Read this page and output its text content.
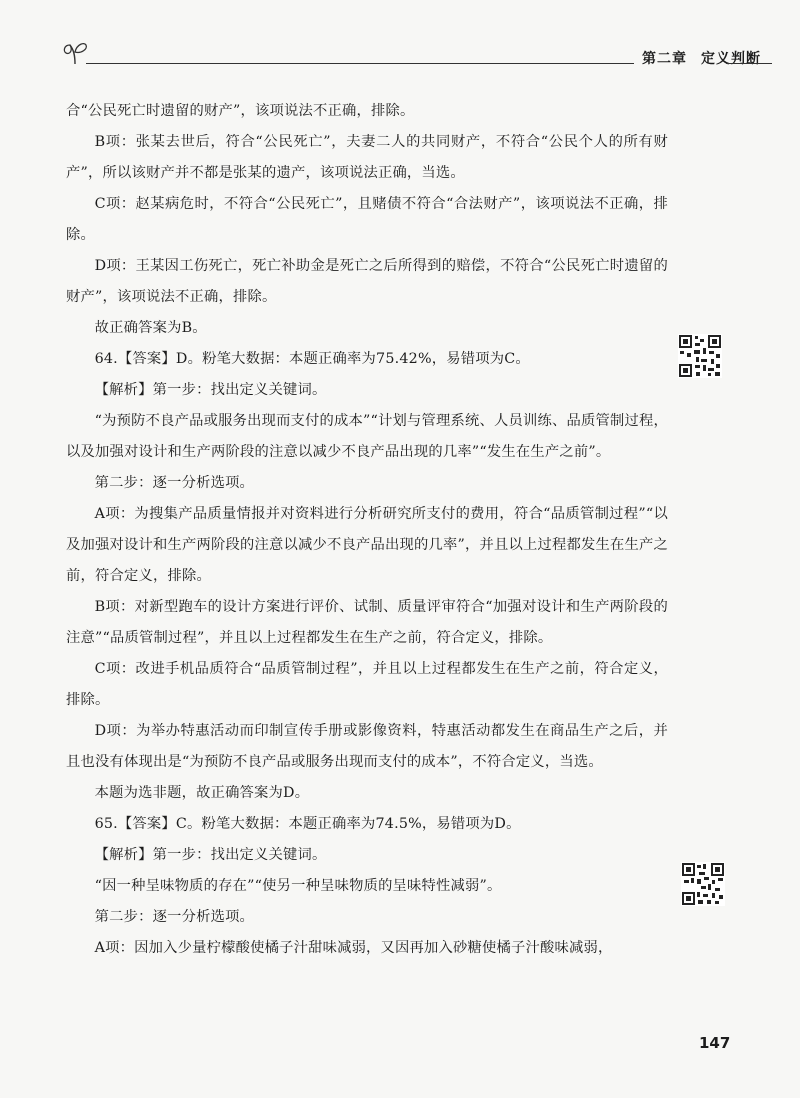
第二章 定义判断

合“公民死亡时遗留的财产”，该项说法不正确，排除。

B项：张某去世后，符合“公民死亡”，夫妻二人的共同财产，不符合“公民个人的所有财产”，所以该财产并不都是张某的遗产，该项说法正确，当选。

C项：赵某病危时，不符合“公民死亡”，且赌债不符合“合法财产”，该项说法不正确，排除。

D项：王某因工伤死亡，死亡补助金是死亡之后所得到的赔偿，不符合“公民死亡时遗留的财产”，该项说法不正确，排除。

故正确答案为B。

64.【答案】D。粉笔大数据：本题正确率为75.42%，易错项为C。

【解析】第一步：找出定义关键词。

“为预防不良产品或服务出现而支付的成本”“计划与管理系统、人员训练、品质管制过程，以及加强对设计和生产两阶段的注意以减少不良产品出现的几率”“发生在生产之前”。

第二步：逐一分析选项。

A项：为搜集产品质量情报并对资料进行分析研究所支付的费用，符合“品质管制过程”“以及加强对设计和生产两阶段的注意以减少不良产品出现的几率”，并且以上过程都发生在生产之前，符合定义，排除。

B项：对新型跑车的设计方案进行评价、试制、质量评审符合“加强对设计和生产两阶段的注意”“品质管制过程”，并且以上过程都发生在生产之前，符合定义，排除。

C项：改进手机品质符合“品质管制过程”，并且以上过程都发生在生产之前，符合定义，排除。

D项：为举办特惠活动而印制宣传手册或影像资料，特惠活动都发生在商品生产之后，并且也没有体现出是“为预防不良产品或服务出现而支付的成本”，不符合定义，当选。

本题为选非题，故正确答案为D。

65.【答案】C。粉笔大数据：本题正确率为74.5%，易错项为D。

【解析】第一步：找出定义关键词。

“因一种呈味物质的存在”“使另一种呈味物质的呈味特性减弱”。

第二步：逐一分析选项。

A项：因加入少量柠檬酸使橘子汁甜味减弱，又因再加入砂糖使橘子汁酸味减弱，

147
